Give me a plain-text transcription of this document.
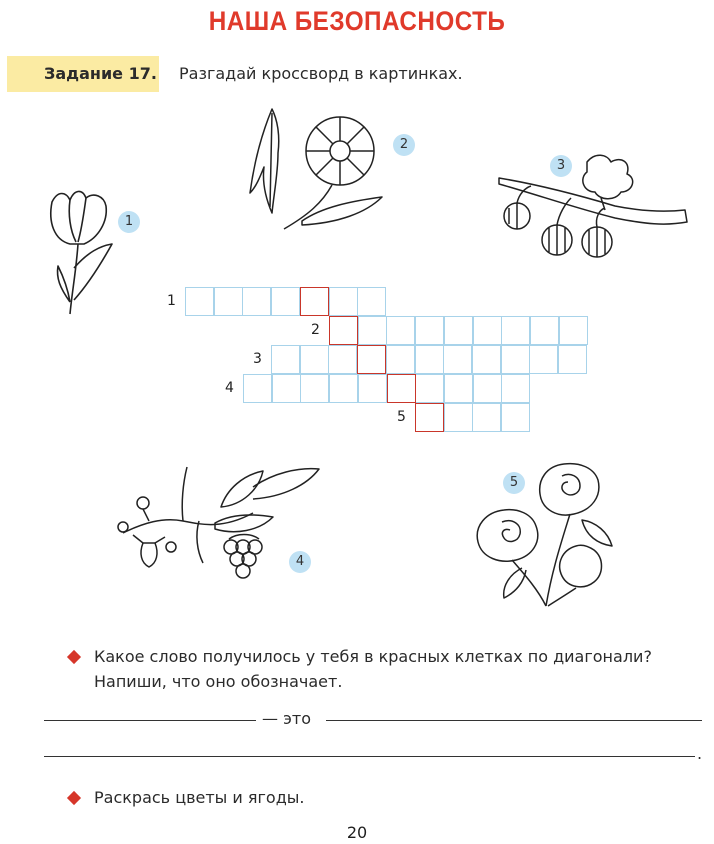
НАША БЕЗОПАСНОСТЬ
Задание 17. Разгадай кроссворд в картинках.
1
2
3
1
2
3
4
5
4
5
Какое слово получилось у тебя в красных клетках по диагонали?
Напиши, что оно обозначает.
— это
.
Раскрась цветы и ягоды.
20
